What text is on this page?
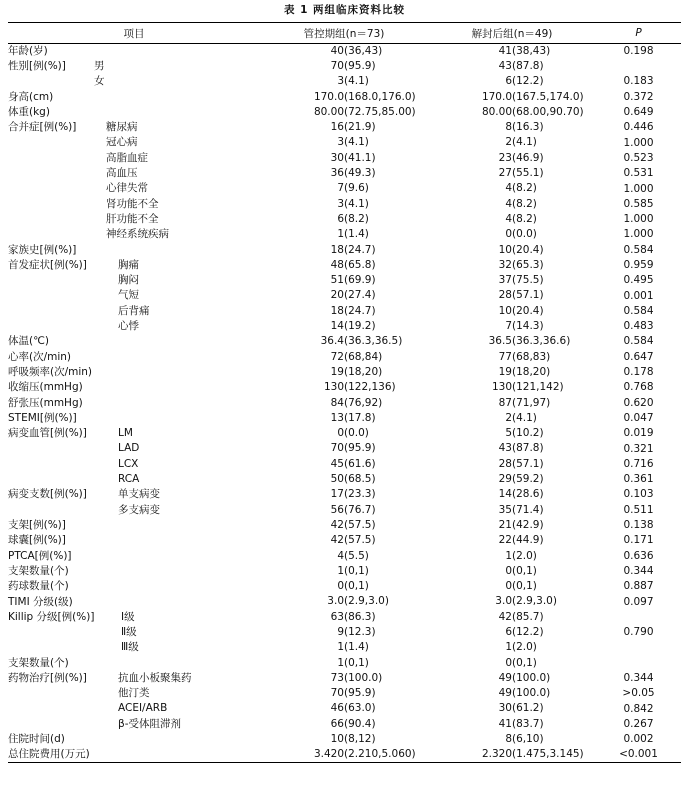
表 1 两组临床资料比较
项目	管控期组(n＝73)	解封后组(n＝49)	P
年龄(岁)	40 (36,43)	41 (38,43)	0.198
性别[例(%)] 男	70 (95.9)	43 (87.8)	

女	3 (4.1)	6 (12.2)	0.183
身高(cm)	170.0 (168.0,176.0)	170.0 (167.5,174.0)	0.372
体重(kg)	80.00 (72.75,85.00)	80.00 (68.00,90.70)	0.649
合并症[例(%)] 糖尿病	16 (21.9)	8 (16.3)	0.446

冠心病	3 (4.1)	2 (4.1)	1.000

高脂血症	30 (41.1)	23 (46.9)	0.523

高血压	36 (49.3)	27 (55.1)	0.531

心律失常	7 (9.6)	4 (8.2)	1.000

肾功能不全	3 (4.1)	4 (8.2)	0.585

肝功能不全	6 (8.2)	4 (8.2)	1.000

神经系统疾病	1 (1.4)	0 (0.0)	1.000
家族史[例(%)]	18 (24.7)	10 (20.4)	0.584
首发症状[例(%)] 胸痛	48 (65.8)	32 (65.3)	0.959

胸闷	51 (69.9)	37 (75.5)	0.495

气短	20 (27.4)	28 (57.1)	0.001

后背痛	18 (24.7)	10 (20.4)	0.584

心悸	14 (19.2)	7 (14.3)	0.483
体温(℃)	36.4 (36.3,36.5)	36.5 (36.3,36.6)	0.584
心率(次/min)	72 (68,84)	77 (68,83)	0.647
呼吸频率(次/min)	19 (18,20)	19 (18,20)	0.178
收缩压(mmHg)	130 (122,136)	130 (121,142)	0.768
舒张压(mmHg)	84 (76,92)	87 (71,97)	0.620
STEMI[例(%)]	13 (17.8)	2 (4.1)	0.047
病变血管[例(%)] LM	0 (0.0)	5 (10.2)	0.019

LAD	70 (95.9)	43 (87.8)	0.321

LCX	45 (61.6)	28 (57.1)	0.716

RCA	50 (68.5)	29 (59.2)	0.361
病变支数[例(%)] 单支病变	17 (23.3)	14 (28.6)	0.103

多支病变	56 (76.7)	35 (71.4)	0.511
支架[例(%)]	42 (57.5)	21 (42.9)	0.138
球囊[例(%)]	42 (57.5)	22 (44.9)	0.171
PTCA[例(%)]	4 (5.5)	1 (2.0)	0.636
支架数量(个)	1 (0,1)	0 (0,1)	0.344
药球数量(个)	0 (0,1)	0 (0,1)	0.887
TIMI 分级(级)	3.0 (2.9,3.0)	3.0 (2.9,3.0)	0.097
Killip 分级[例(%)] Ⅰ级	63 (86.3)	42 (85.7)	

Ⅱ级	9 (12.3)	6 (12.2)	0.790

Ⅲ级	1 (1.4)	1 (2.0)	

支架数量(个)	1 (0,1)	0 (0,1)	

药物治疗[例(%)] 抗血小板聚集药	73 (100.0)	49 (100.0)	0.344

他汀类	70 (95.9)	49 (100.0)	>0.05

ACEI/ARB	46 (63.0)	30 (61.2)	0.842

β-受体阻滞剂	66 (90.4)	41 (83.7)	0.267
住院时间(d)	10 (8,12)	8 (6,10)	0.002
总住院费用(万元)	3.420 (2.210,5.060)	2.320 (1.475,3.145)	<0.001
